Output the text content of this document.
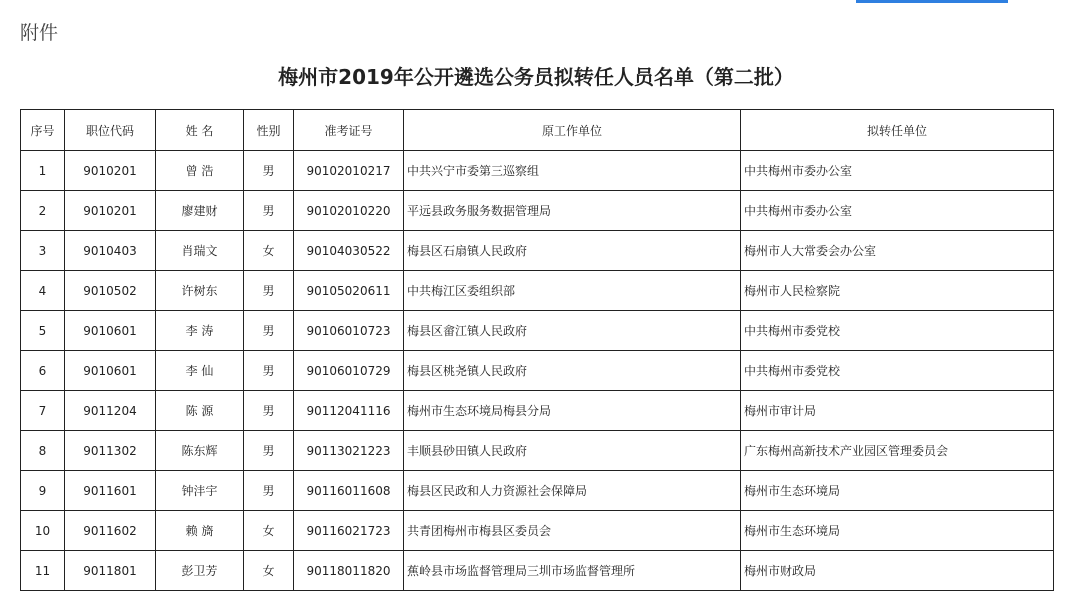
附件
梅州市2019年公开遴选公务员拟转任人员名单（第二批）
序号	职位代码	姓 名	性别	准考证号	原工作单位	拟转任单位
1	9010201	曾 浩	男	90102010217	中共兴宁市委第三巡察组	中共梅州市委办公室
2	9010201	廖建财	男	90102010220	平远县政务服务数据管理局	中共梅州市委办公室
3	9010403	肖瑞文	女	90104030522	梅县区石扇镇人民政府	梅州市人大常委会办公室
4	9010502	许树东	男	90105020611	中共梅江区委组织部	梅州市人民检察院
5	9010601	李 涛	男	90106010723	梅县区畲江镇人民政府	中共梅州市委党校
6	9010601	李 仙	男	90106010729	梅县区桃尧镇人民政府	中共梅州市委党校
7	9011204	陈 源	男	90112041116	梅州市生态环境局梅县分局	梅州市审计局
8	9011302	陈东辉	男	90113021223	丰顺县砂田镇人民政府	广东梅州高新技术产业园区管理委员会
9	9011601	钟沣宇	男	90116011608	梅县区民政和人力资源社会保障局	梅州市生态环境局
10	9011602	赖 旖	女	90116021723	共青团梅州市梅县区委员会	梅州市生态环境局
11	9011801	彭卫芳	女	90118011820	蕉岭县市场监督管理局三圳市场监督管理所	梅州市财政局
